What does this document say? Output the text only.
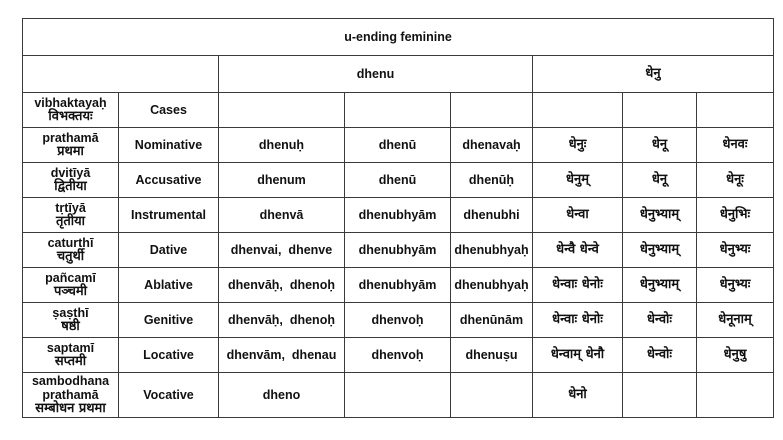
u-ending feminine							
		dhenu			धेनु		

vibhaktayaḥ
विभक्तयः	Cases						

prathamā
प्रथमा	Nominative	dhenuḥ	dhenū	dhenavaḥ	धेनुः	धेनू	धेनवः

dvitīyā
द्वितीया	Accusative	dhenum	dhenū	dhenūḥ	धेनुम्	धेनू	धेनूः

tṛtīyā
तृतीया	Instrumental	dhenvā	dhenubhyām	dhenubhi	धेन्वा	धेनुभ्याम्	धेनुभिः

caturthī
चतुर्थी	Dative	dhenvai,  dhenve	dhenubhyām	dhenubhyaḥ	धेन्वै धेन्वे	धेनुभ्याम्	धेनुभ्यः

pañcamī
पञ्चमी	Ablative	dhenvāḥ,  dhenoḥ	dhenubhyām	dhenubhyaḥ	धेन्वाः धेनोः	धेनुभ्याम्	धेनुभ्यः

ṣaṣṭhī
षष्ठी	Genitive	dhenvāḥ,  dhenoḥ	dhenvoḥ	dhenūnām	धेन्वाः धेनोः	धेन्वोः	धेनूनाम्

saptamī
सप्तमी	Locative	dhenvām,  dhenau	dhenvoḥ	dhenuṣu	धेन्वाम् धेनौ	धेन्वोः	धेनुषु

sambodhana
prathamā
सम्बोधन प्रथमा	Vocative	dheno			धेनो		
